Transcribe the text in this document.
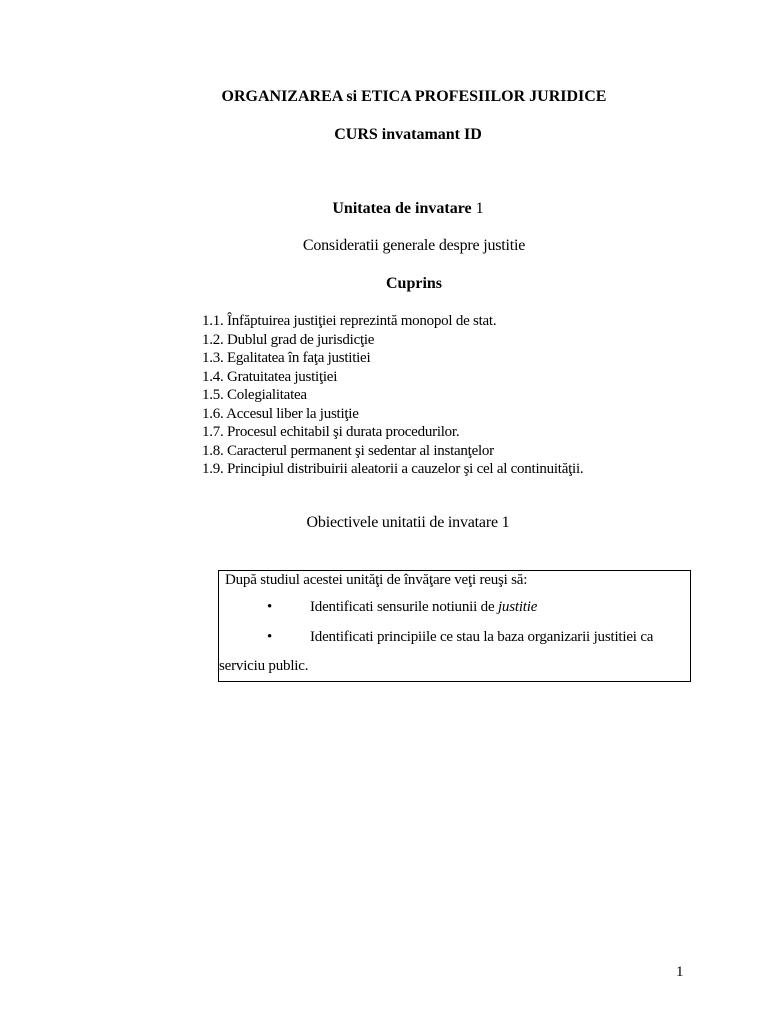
ORGANIZAREA si ETICA PROFESIILOR JURIDICE
CURS invatamant ID
Unitatea de invatare 1
Consideratii generale despre justitie
Cuprins
1.1. Înfăptuirea justiţiei reprezintă monopol de stat.
1.2. Dublul grad de jurisdicţie
1.3. Egalitatea în faţa justitiei
1.4. Gratuitatea justiţiei
1.5. Colegialitatea
1.6. Accesul liber la justiţie
1.7. Procesul echitabil şi durata procedurilor.
1.8. Caracterul permanent şi sedentar al instanţelor
1.9. Principiul distribuirii aleatorii a cauzelor şi cel al continuităţii.
Obiectivele unitatii de invatare 1
După studiul acestei unităţi de învăţare veţi reuşi să:
•	Identificati sensurile notiunii de justitie
•	Identificati principiile ce stau la baza organizarii justitiei ca
serviciu public.
1
